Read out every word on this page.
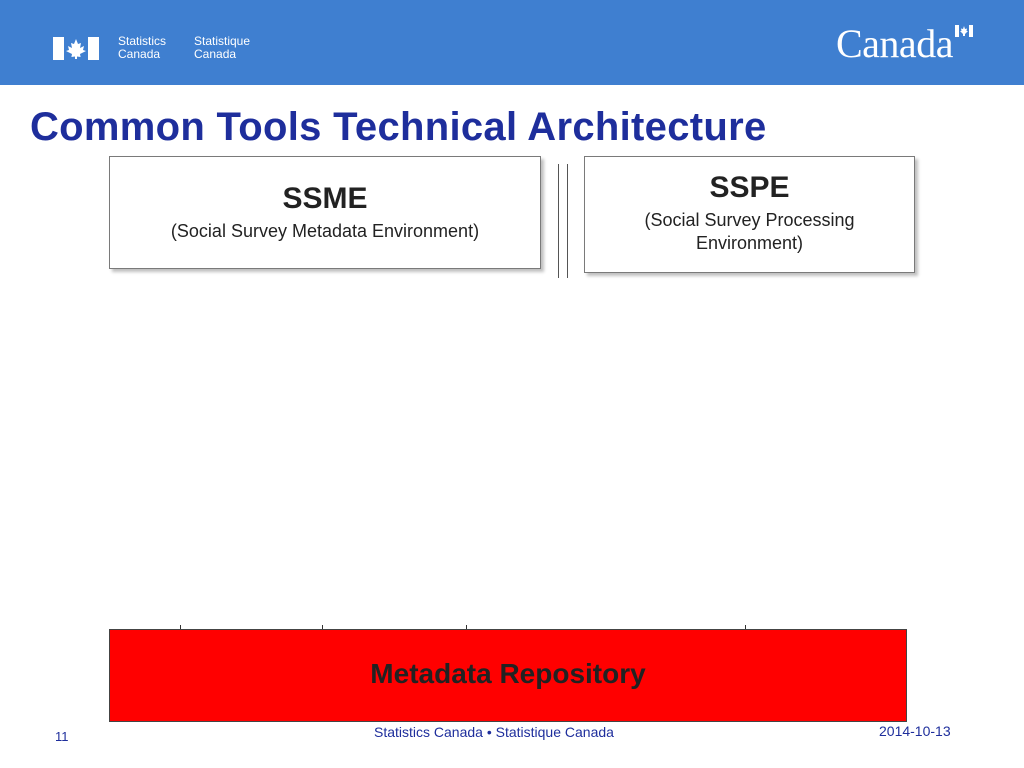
Statistics
Canada
Statistique
Canada	Canada
Common Tools Technical Architecture
SSME
(Social Survey Metadata Environment)
SSPE
(Social Survey Processing
Environment)
Metadata Repository
11	Statistics Canada • Statistique Canada	2014-10-13
